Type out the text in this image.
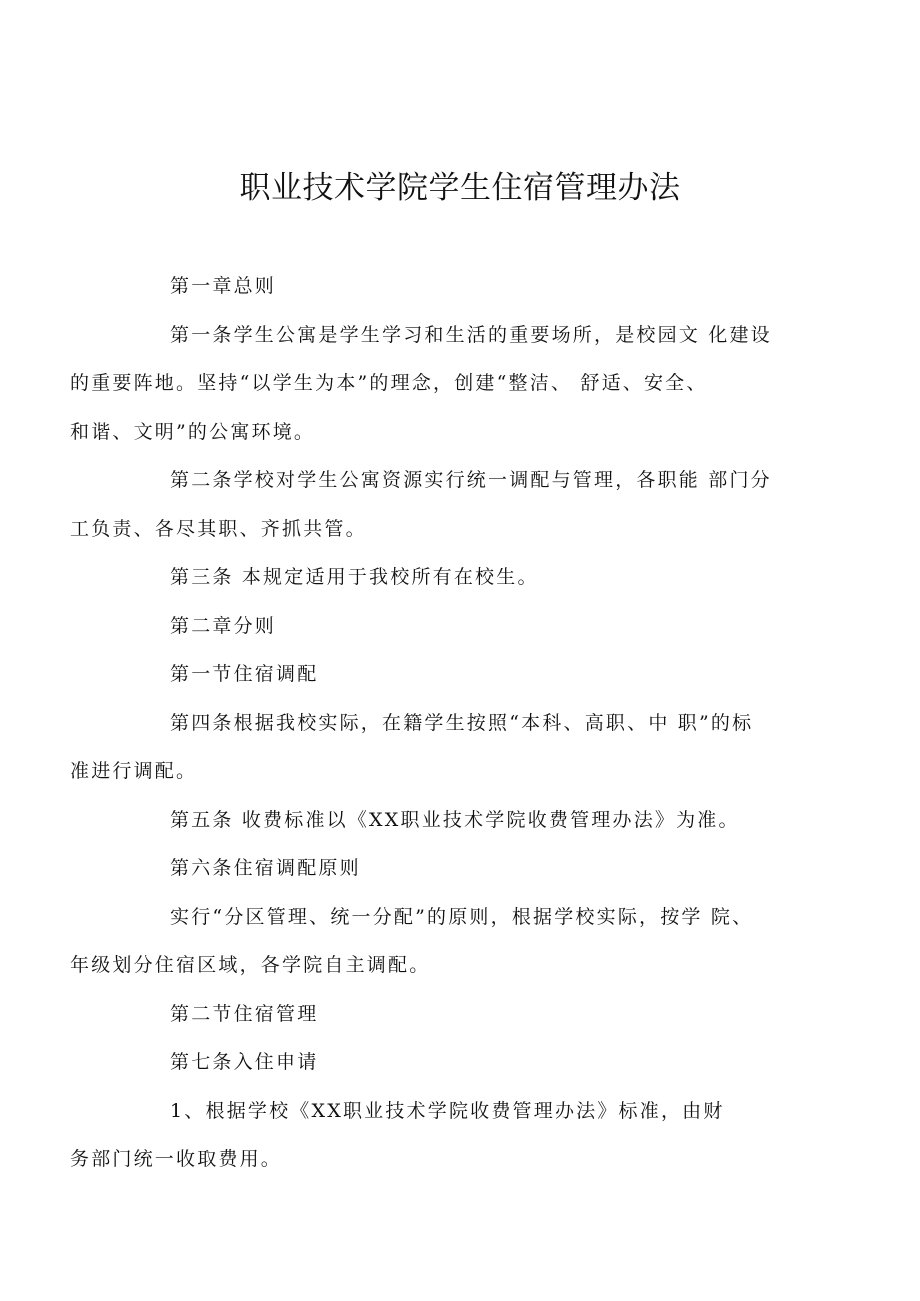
职业技术学院学生住宿管理办法

第一章总则

第一条学生公寓是学生学习和生活的重要场所，是校园文 化建设
的重要阵地。坚持“以学生为本”的理念，创建“整洁、 舒适、安全、
和谐、文明”的公寓环境。

第二条学校对学生公寓资源实行统一调配与管理，各职能 部门分
工负责、各尽其职、齐抓共管。

第三条 本规定适用于我校所有在校生。

第二章分则

第一节住宿调配

第四条根据我校实际，在籍学生按照“本科、高职、中 职”的标
准进行调配。

第五条 收费标准以《XX职业技术学院收费管理办法》为准。

第六条住宿调配原则

实行“分区管理、统一分配”的原则，根据学校实际，按学 院、
年级划分住宿区域，各学院自主调配。

第二节住宿管理

第七条入住申请

1、根据学校《XX职业技术学院收费管理办法》标准，由财
务部门统一收取费用。
